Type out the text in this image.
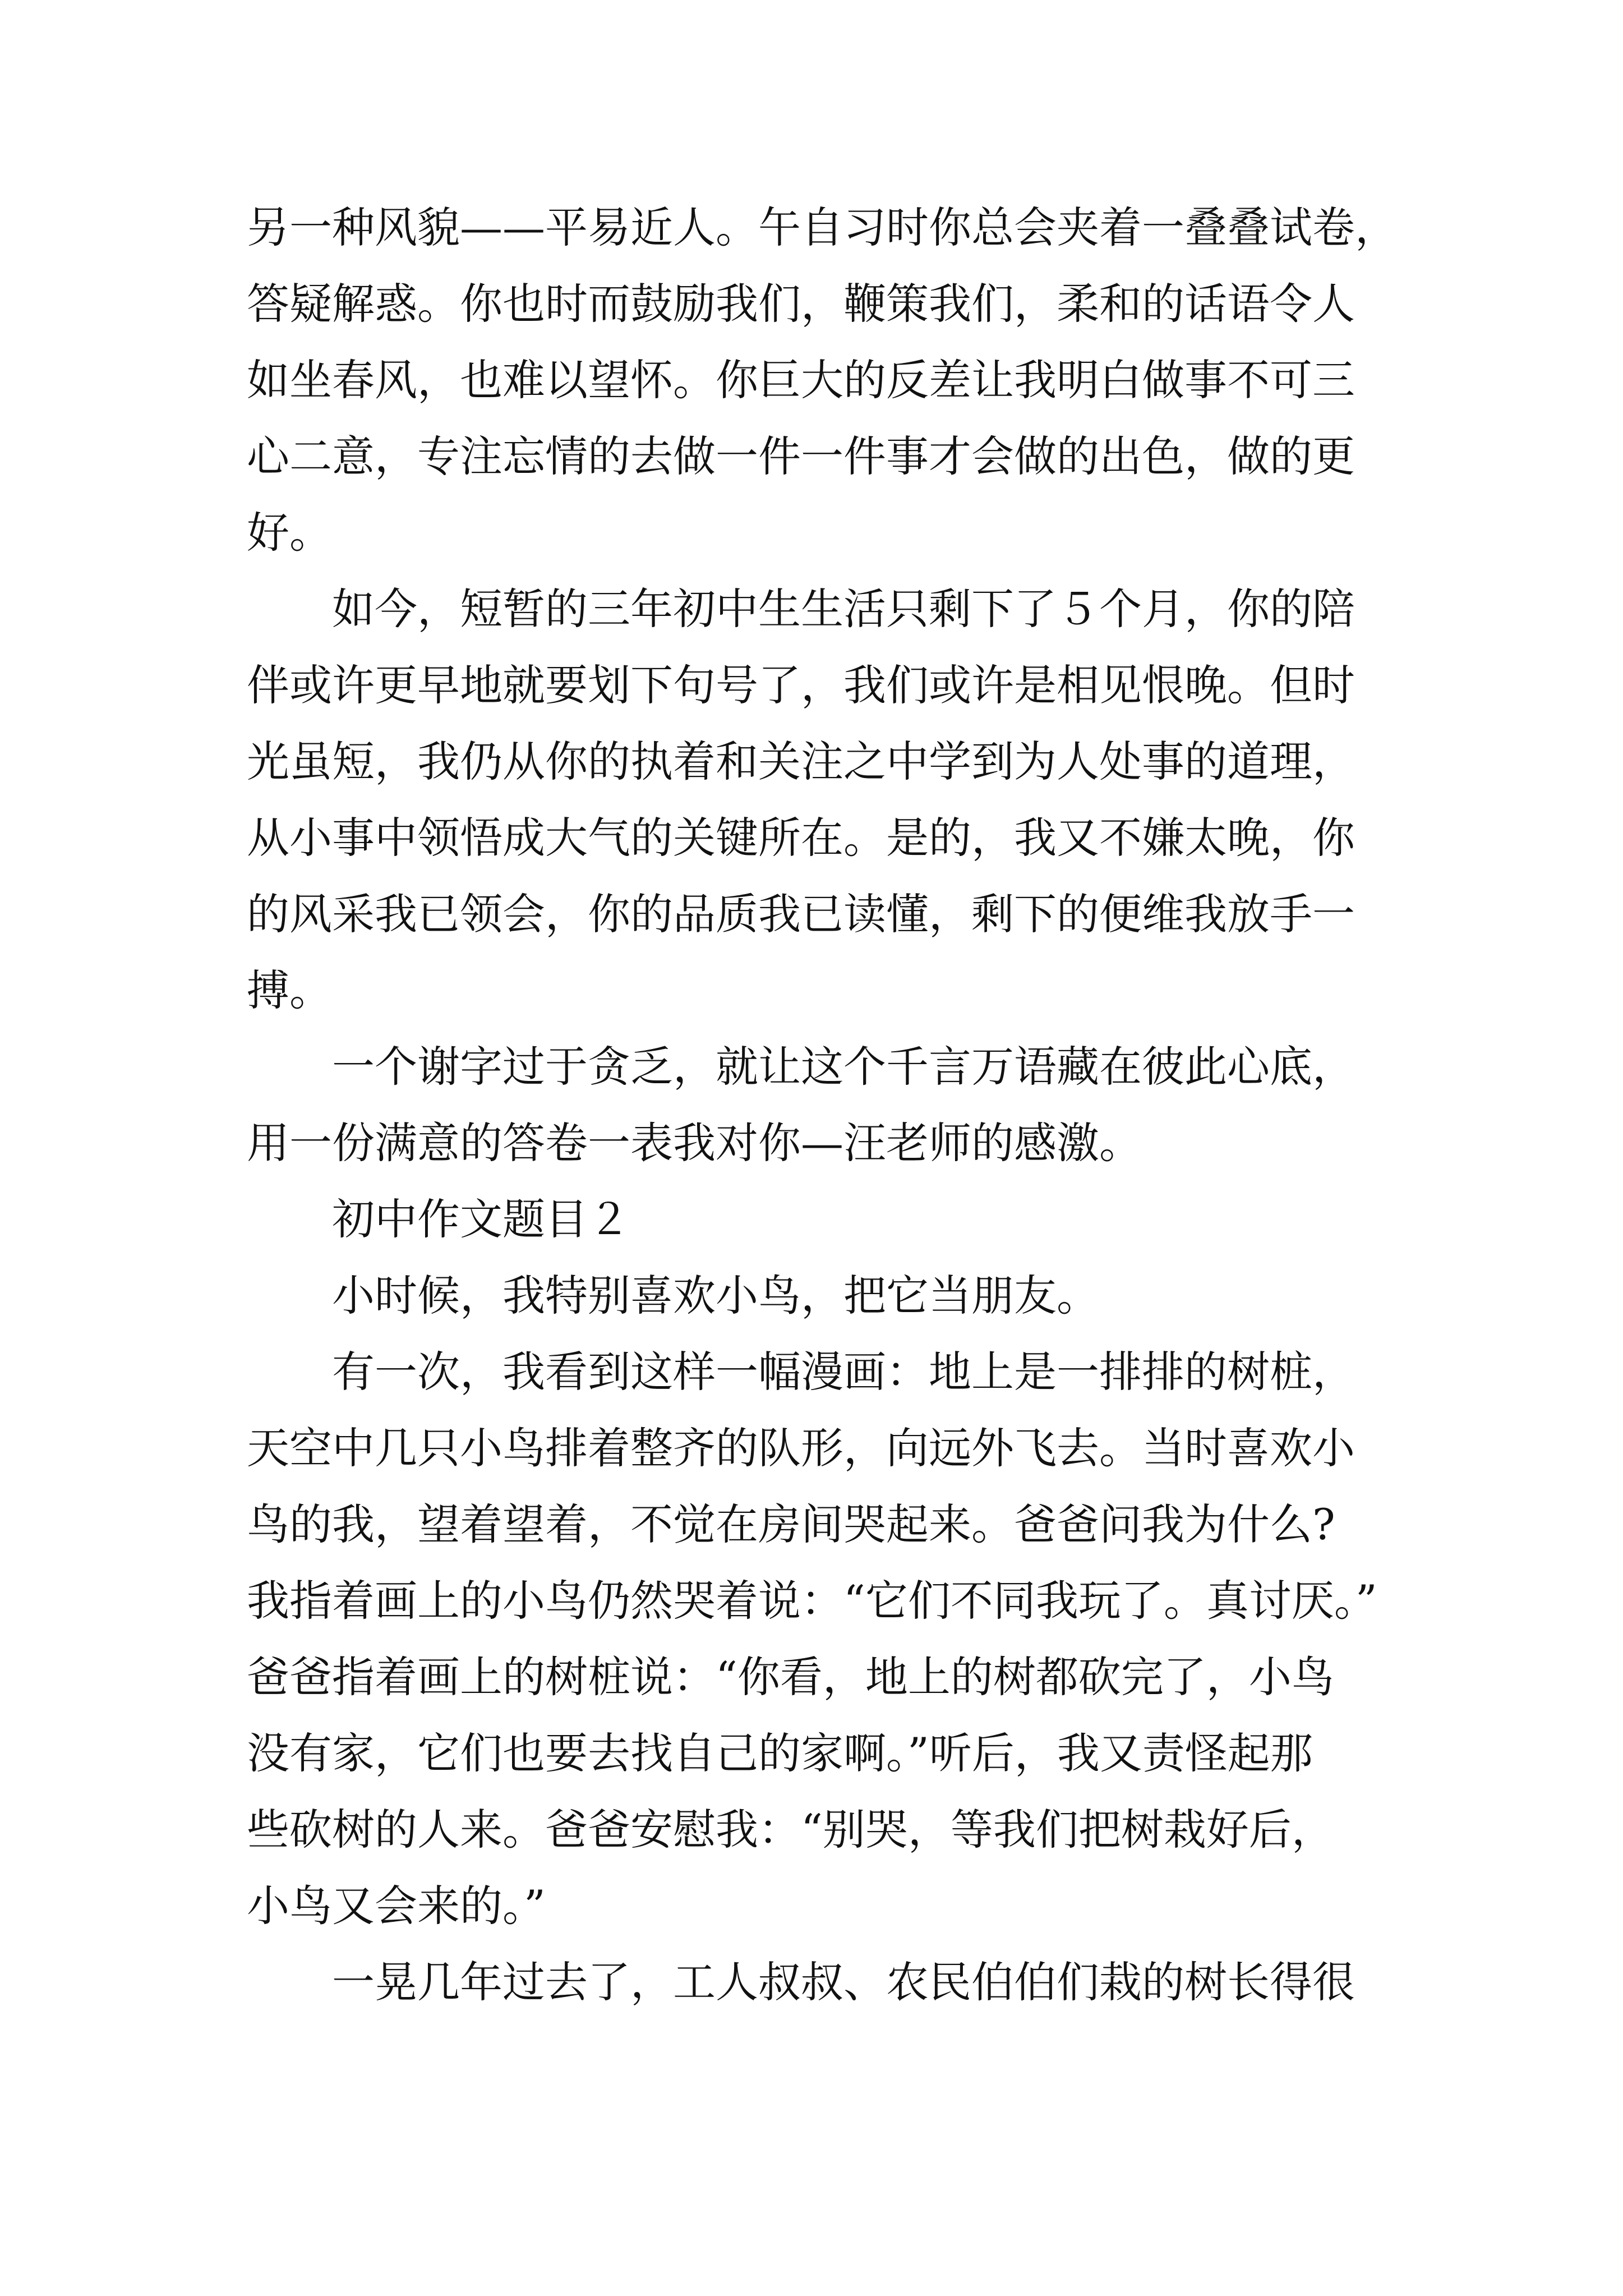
另一种风貌——平易近人。午自习时你总会夹着一叠叠试卷，
答疑解惑。你也时而鼓励我们，鞭策我们，柔和的话语令人
如坐春风，也难以望怀。你巨大的反差让我明白做事不可三
心二意，专注忘情的去做一件一件事才会做的出色，做的更
好。
如今，短暂的三年初中生生活只剩下了５个月，你的陪
伴或许更早地就要划下句号了，我们或许是相见恨晚。但时
光虽短，我仍从你的执着和关注之中学到为人处事的道理，
从小事中领悟成大气的关键所在。是的，我又不嫌太晚，你
的风采我已领会，你的品质我已读懂，剩下的便维我放手一
搏。
一个谢字过于贪乏，就让这个千言万语藏在彼此心底，
用一份满意的答卷一表我对你—汪老师的感激。
初中作文题目２
小时候，我特别喜欢小鸟，把它当朋友。
有一次，我看到这样一幅漫画：地上是一排排的树桩，
天空中几只小鸟排着整齐的队形，向远外飞去。当时喜欢小
鸟的我，望着望着，不觉在房间哭起来。爸爸问我为什么?
我指着画上的小鸟仍然哭着说：“它们不同我玩了。真讨厌。”
爸爸指着画上的树桩说：“你看，地上的树都砍完了，小鸟
没有家，它们也要去找自己的家啊。”听后，我又责怪起那
些砍树的人来。爸爸安慰我：“别哭，等我们把树栽好后，
小鸟又会来的。”
一晃几年过去了，工人叔叔、农民伯伯们栽的树长得很
